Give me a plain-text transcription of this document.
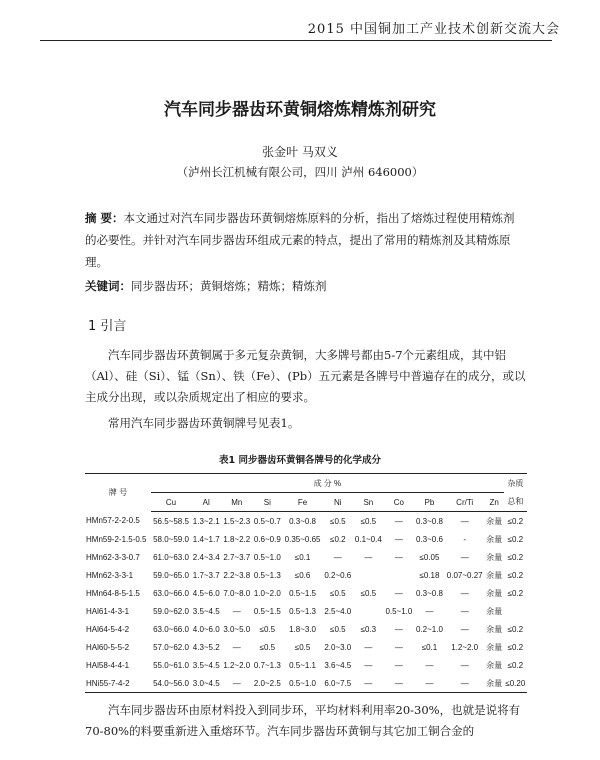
2015 中国铜加工产业技术创新交流大会
汽车同步器齿环黄铜熔炼精炼剂研究
张金叶 马双义
（泸州长江机械有限公司，四川 泸州 646000）
摘 要：本文通过对汽车同步器齿环黄铜熔炼原料的分析，指出了熔炼过程使用精炼剂的必要性。并针对汽车同步器齿环组成元素的特点，提出了常用的精炼剂及其精炼原理。
关键词：同步器齿环；黄铜熔炼；精炼；精炼剂
1 引言
汽车同步器齿环黄铜属于多元复杂黄铜，大多牌号都由5-7个元素组成，其中铝（Al）、硅（Si）、锰（Sn）、铁（Fe）、(Pb）五元素是各牌号中普遍存在的成分，或以主成分出现，或以杂质规定出了相应的要求。
常用汽车同步器齿环黄铜牌号见表1。
表1 同步器齿环黄铜各牌号的化学成分
牌 号	成 分 %											杂质
	Cu	Al	Mn	Si	Fe	Ni	Sn	Co	Pb	Cr/Ti	Zn	总和
HMn57-2-2-0.5	56.5~58.5	1.3~2.1	1.5~2.3	0.5~0.7	0.3~0.8	≤0.5	≤0.5	—	0.3~0.8	—	余量	≤0.2
HMn59-2-1.5-0.5	58.0~59.0	1.4~1.7	1.8~2.2	0.6~0.9	0.35~0.65	≤0.2	0.1~0.4	—	0.3~0.6	-	余量	≤0.2
HMn62-3-3-0.7	61.0~63.0	2.4~3.4	2.7~3.7	0.5~1.0	≤0.1	—	—	—	≤0.05	—	余量	≤0.2
HMn62-3-3-1	59.0~65.0	1.7~3.7	2.2~3.8	0.5~1.3	≤0.6	0.2~0.6			≤0.18	0.07~0.27	余量	≤0.2
HMn64-8-5-1.5	63.0~66.0	4.5~6.0	7.0~8.0	1.0~2.0	0.5~1.5	≤0.5	≤0.5	—	0.3~0.8	—	余量	≤0.2
HAl61-4-3-1	59.0~62.0	3.5~4.5	—	0.5~1.5	0.5~1.3	2.5~4.0		0.5~1.0	—	—	余量	
HAl64-5-4-2	63.0~66.0	4.0~6.0	3.0~5.0	≤0.5	1.8~3.0	≤0.5	≤0.3	—	0.2~1.0	—	余量	≤0.2
HAl60-5-5-2	57.0~62.0	4.3~5.2	—	≤0.5	≤0.5	2.0~3.0	—	—	≤0.1	1.2~2.0	余量	≤0.2
HAl58-4-4-1	55.0~61.0	3.5~4.5	1.2~2.0	0.7~1.3	0.5~1.1	3.6~4.5	—	—	—	—	余量	≤0.2
HNi55-7-4-2	54.0~56.0	3.0~4.5	—	2.0~2.5	0.5~1.0	6.0~7.5	—	—	—	—	余量	≤0.20
汽车同步器齿环由原材料投入到同步环，平均材料利用率20-30%，也就是说将有70-80%的料要重新进入重熔环节。汽车同步器齿环黄铜与其它加工铜合金的
